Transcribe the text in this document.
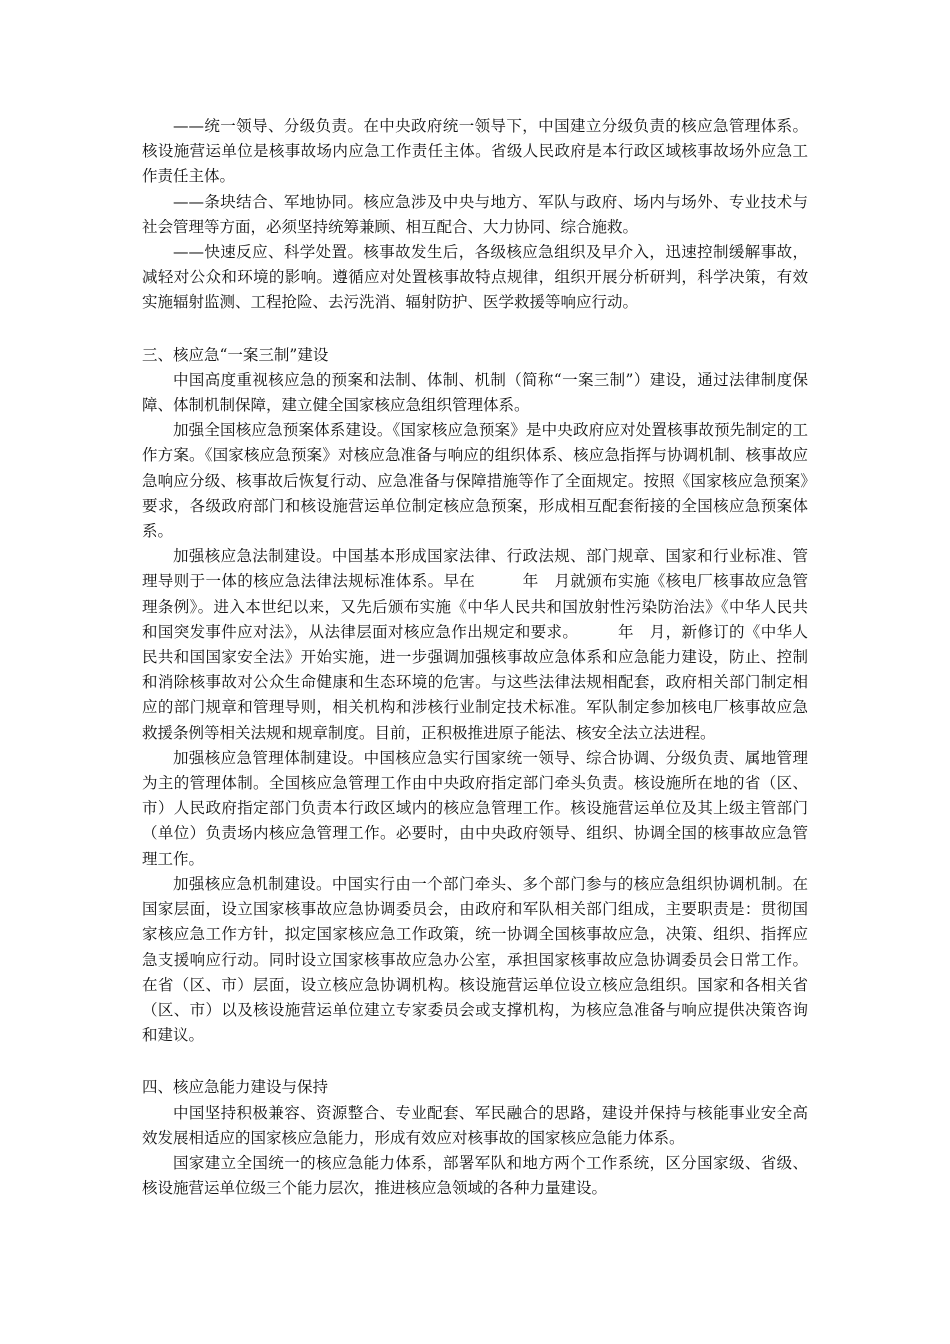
——统一领导、分级负责。在中央政府统一领导下，中国建立分级负责的核应急管理体系。核设施营运单位是核事故场内应急工作责任主体。省级人民政府是本行政区域核事故场外应急工作责任主体。

——条块结合、军地协同。核应急涉及中央与地方、军队与政府、场内与场外、专业技术与社会管理等方面，必须坚持统筹兼顾、相互配合、大力协同、综合施救。

——快速反应、科学处置。核事故发生后，各级核应急组织及早介入，迅速控制缓解事故，减轻对公众和环境的影响。遵循应对处置核事故特点规律，组织开展分析研判，科学决策，有效实施辐射监测、工程抢险、去污洗消、辐射防护、医学救援等响应行动。

三、核应急“一案三制”建设

中国高度重视核应急的预案和法制、体制、机制（简称“一案三制”）建设，通过法律制度保障、体制机制保障，建立健全国家核应急组织管理体系。

加强全国核应急预案体系建设。《国家核应急预案》是中央政府应对处置核事故预先制定的工作方案。《国家核应急预案》对核应急准备与响应的组织体系、核应急指挥与协调机制、核事故应急响应分级、核事故后恢复行动、应急准备与保障措施等作了全面规定。按照《国家核应急预案》要求，各级政府部门和核设施营运单位制定核应急预案，形成相互配套衔接的全国核应急预案体系。

加强核应急法制建设。中国基本形成国家法律、行政法规、部门规章、国家和行业标准、管理导则于一体的核应急法律法规标准体系。早在　　　年　月就颁布实施《核电厂核事故应急管理条例》。进入本世纪以来，又先后颁布实施《中华人民共和国放射性污染防治法》《中华人民共和国突发事件应对法》，从法律层面对核应急作出规定和要求。　　　年　月，新修订的《中华人民共和国国家安全法》开始实施，进一步强调加强核事故应急体系和应急能力建设，防止、控制和消除核事故对公众生命健康和生态环境的危害。与这些法律法规相配套，政府相关部门制定相应的部门规章和管理导则，相关机构和涉核行业制定技术标准。军队制定参加核电厂核事故应急救援条例等相关法规和规章制度。目前，正积极推进原子能法、核安全法立法进程。

加强核应急管理体制建设。中国核应急实行国家统一领导、综合协调、分级负责、属地管理为主的管理体制。全国核应急管理工作由中央政府指定部门牵头负责。核设施所在地的省（区、市）人民政府指定部门负责本行政区域内的核应急管理工作。核设施营运单位及其上级主管部门（单位）负责场内核应急管理工作。必要时，由中央政府领导、组织、协调全国的核事故应急管理工作。

加强核应急机制建设。中国实行由一个部门牵头、多个部门参与的核应急组织协调机制。在国家层面，设立国家核事故应急协调委员会，由政府和军队相关部门组成，主要职责是：贯彻国家核应急工作方针，拟定国家核应急工作政策，统一协调全国核事故应急，决策、组织、指挥应急支援响应行动。同时设立国家核事故应急办公室，承担国家核事故应急协调委员会日常工作。在省（区、市）层面，设立核应急协调机构。核设施营运单位设立核应急组织。国家和各相关省（区、市）以及核设施营运单位建立专家委员会或支撑机构，为核应急准备与响应提供决策咨询和建议。

四、核应急能力建设与保持

中国坚持积极兼容、资源整合、专业配套、军民融合的思路，建设并保持与核能事业安全高效发展相适应的国家核应急能力，形成有效应对核事故的国家核应急能力体系。

国家建立全国统一的核应急能力体系，部署军队和地方两个工作系统，区分国家级、省级、核设施营运单位级三个能力层次，推进核应急领域的各种力量建设。
